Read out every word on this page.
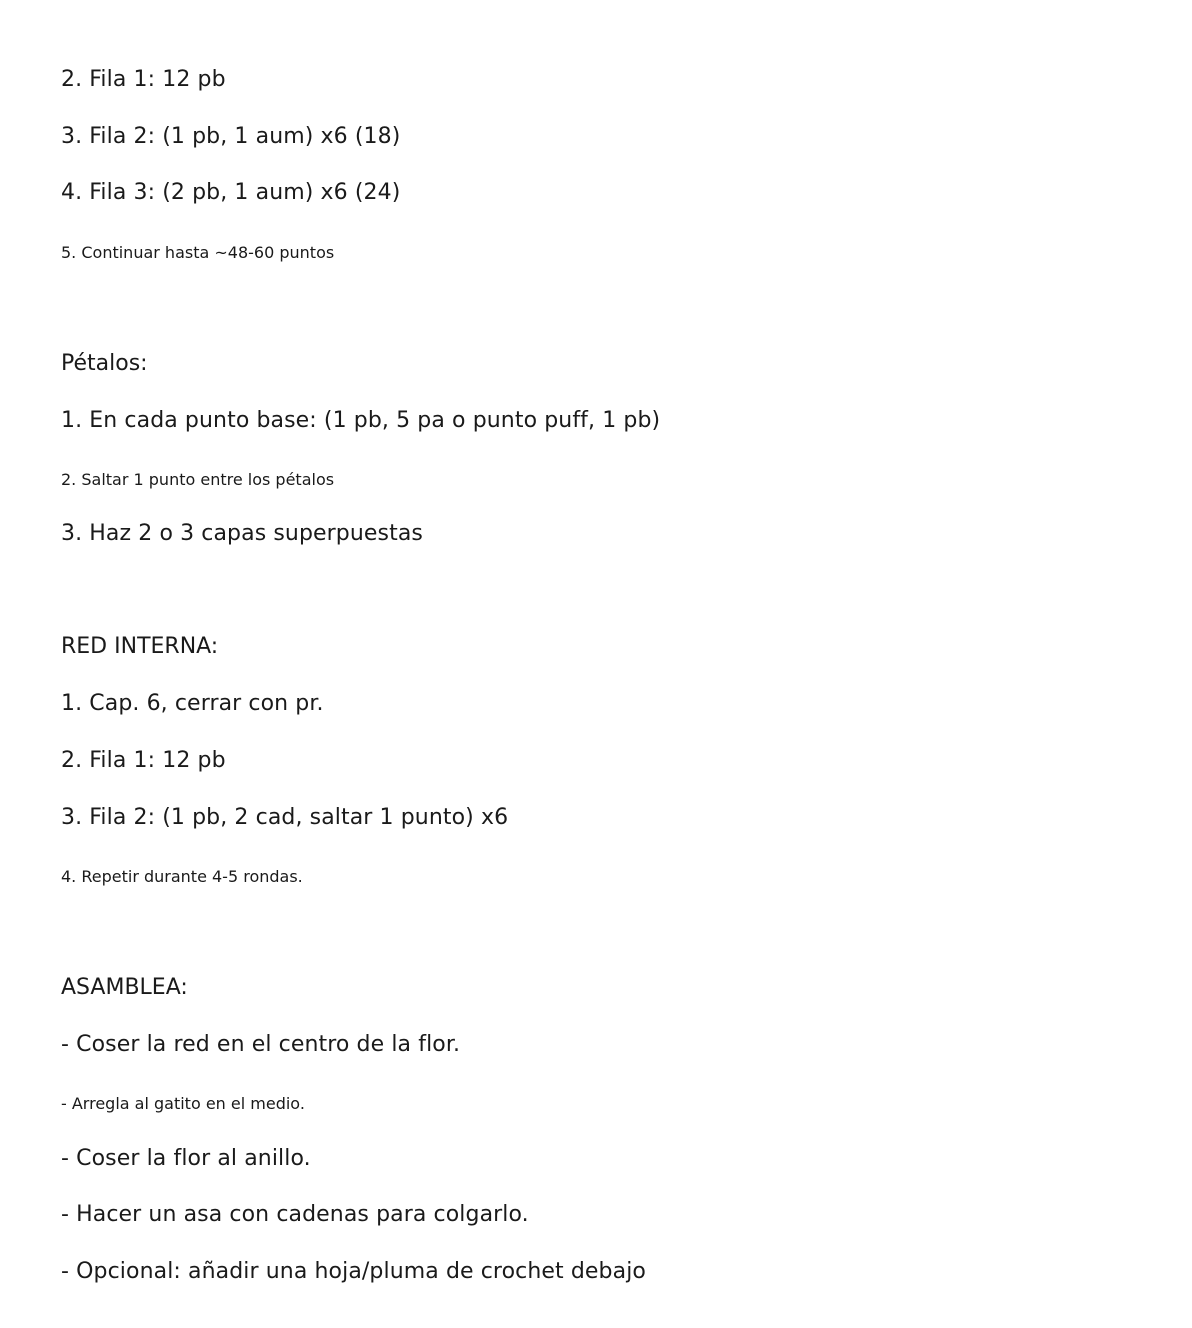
2. Fila 1: 12 pb
3. Fila 2: (1 pb, 1 aum) x6 (18)
4. Fila 3: (2 pb, 1 aum) x6 (24)
5. Continuar hasta ~48-60 puntos
Pétalos:
1. En cada punto base: (1 pb, 5 pa o punto puff, 1 pb)
2. Saltar 1 punto entre los pétalos
3. Haz 2 o 3 capas superpuestas
RED INTERNA:
1. Cap. 6, cerrar con pr.
2. Fila 1: 12 pb
3. Fila 2: (1 pb, 2 cad, saltar 1 punto) x6
4. Repetir durante 4-5 rondas.
ASAMBLEA:
- Coser la red en el centro de la flor.
- Arregla al gatito en el medio.
- Coser la flor al anillo.
- Hacer un asa con cadenas para colgarlo.
- Opcional: añadir una hoja/pluma de crochet debajo
